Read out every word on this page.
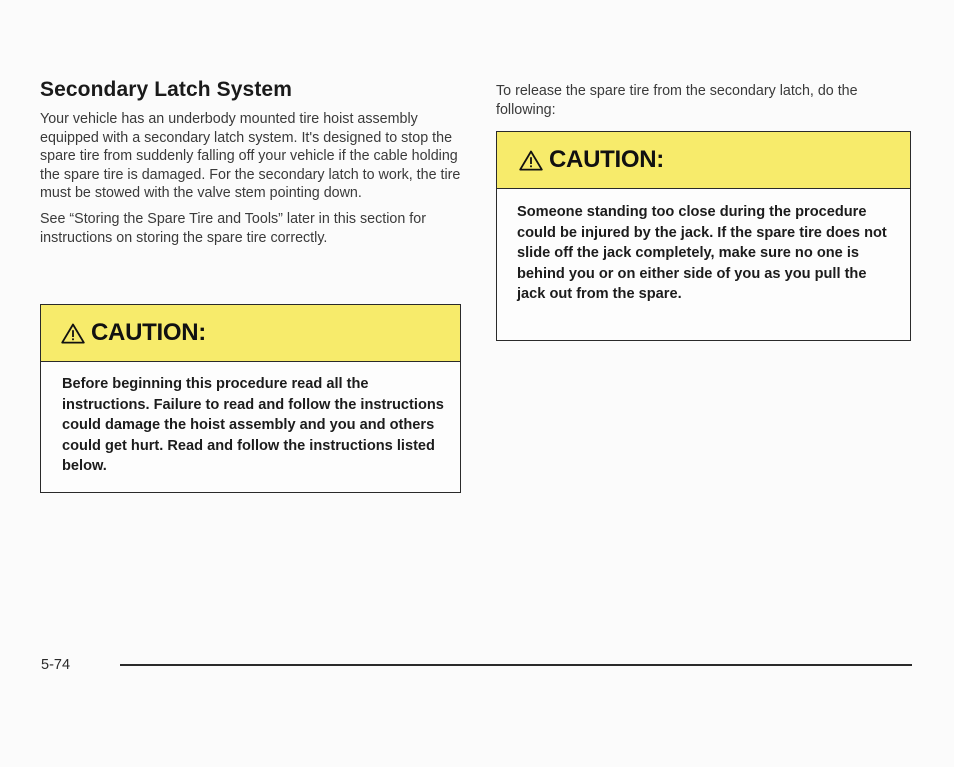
Secondary Latch System

Your vehicle has an underbody mounted tire hoist assembly equipped with a secondary latch system. It's designed to stop the spare tire from suddenly falling off your vehicle if the cable holding the spare tire is damaged. For the secondary latch to work, the tire must be stowed with the valve stem pointing down.

See “Storing the Spare Tire and Tools” later in this section for instructions on storing the spare tire correctly.

CAUTION:
Before beginning this procedure read all the instructions. Failure to read and follow the instructions could damage the hoist assembly and you and others could get hurt. Read and follow the instructions listed below.

To release the spare tire from the secondary latch, do the following:

CAUTION:
Someone standing too close during the procedure could be injured by the jack. If the spare tire does not slide off the jack completely, make sure no one is behind you or on either side of you as you pull the jack out from the spare.
5-74
